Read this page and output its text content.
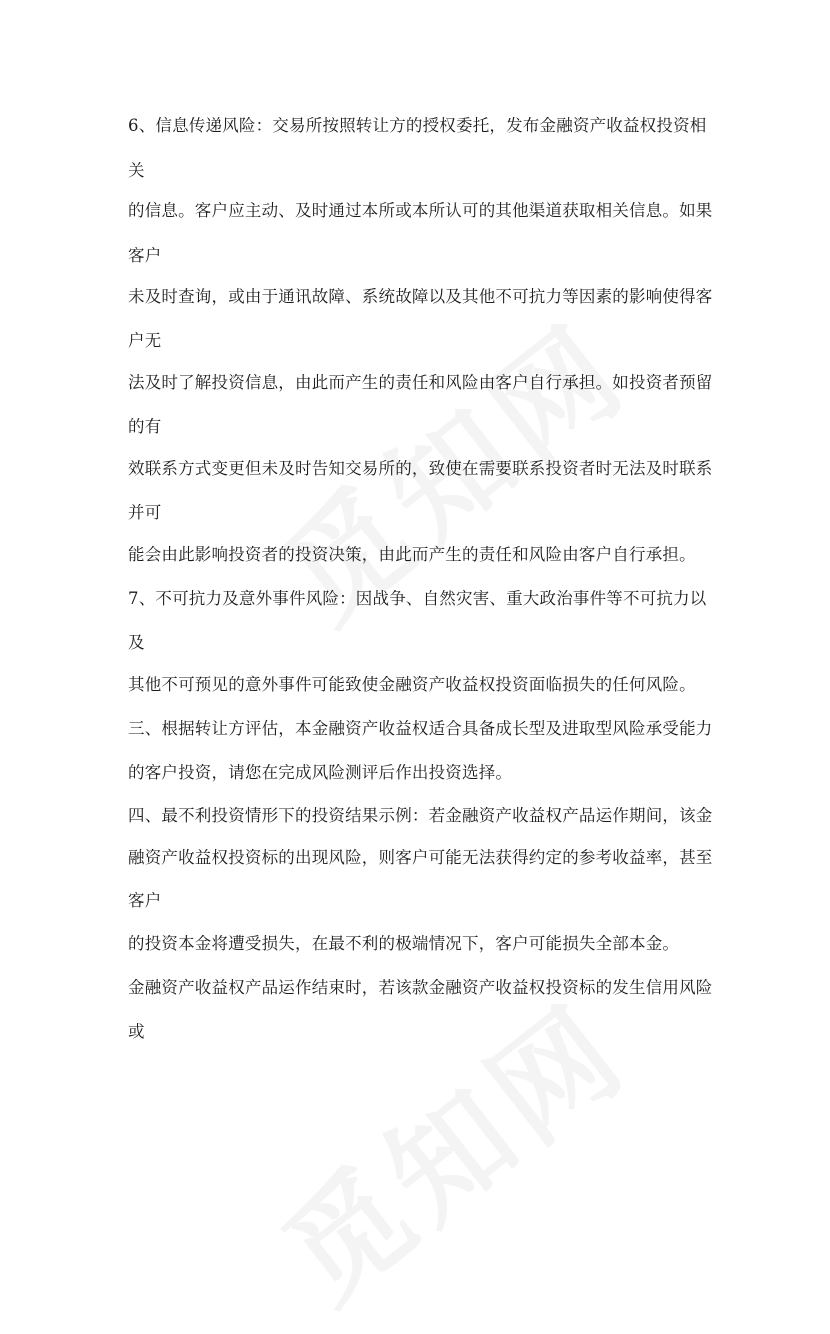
6、信息传递风险：交易所按照转让方的授权委托，发布金融资产收益权投资相
关
的信息。客户应主动、及时通过本所或本所认可的其他渠道获取相关信息。如果
客户
未及时查询，或由于通讯故障、系统故障以及其他不可抗力等因素的影响使得客
户无
法及时了解投资信息，由此而产生的责任和风险由客户自行承担。如投资者预留
的有
效联系方式变更但未及时告知交易所的，致使在需要联系投资者时无法及时联系
并可
能会由此影响投资者的投资决策，由此而产生的责任和风险由客户自行承担。
7、不可抗力及意外事件风险：因战争、自然灾害、重大政治事件等不可抗力以
及
其他不可预见的意外事件可能致使金融资产收益权投资面临损失的任何风险。
三、根据转让方评估，本金融资产收益权适合具备成长型及进取型风险承受能力
的客户投资，请您在完成风险测评后作出投资选择。
四、最不利投资情形下的投资结果示例：若金融资产收益权产品运作期间，该金
融资产收益权投资标的出现风险，则客户可能无法获得约定的参考收益率，甚至
客户
的投资本金将遭受损失，在最不利的极端情况下，客户可能损失全部本金。
金融资产收益权产品运作结束时，若该款金融资产收益权投资标的发生信用风险
或
